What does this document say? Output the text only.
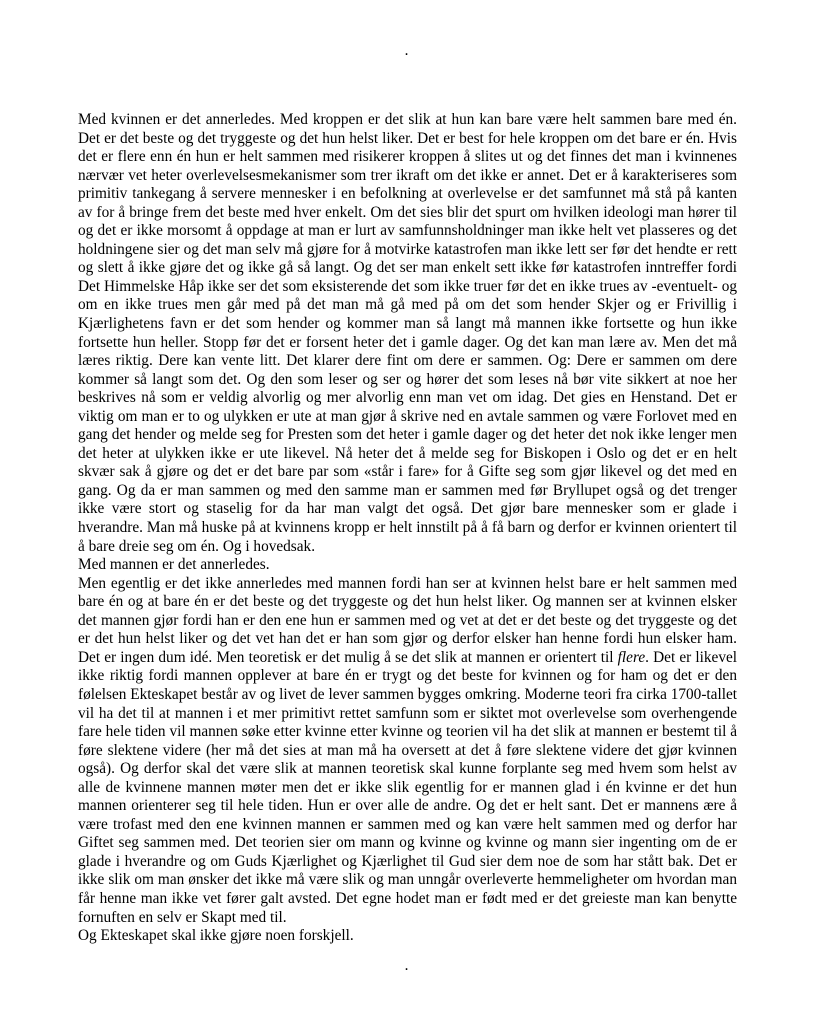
.

Med kvinnen er det annerledes. Med kroppen er det slik at hun kan bare være helt sammen bare med én. Det er det beste og det tryggeste og det hun helst liker. Det er best for hele kroppen om det bare er én. Hvis det er flere enn én hun er helt sammen med risikerer kroppen å slites ut og det finnes det man i kvinnenes nærvær vet heter overlevelsesmekanismer som trer ikraft om det ikke er annet. Det er å karakteriseres som primitiv tankegang å servere mennesker i en befolkning at overlevelse er det samfunnet må stå på kanten av for å bringe frem det beste med hver enkelt. Om det sies blir det spurt om hvilken ideologi man hører til og det er ikke morsomt å oppdage at man er lurt av samfunnsholdninger man ikke helt vet plasseres og det holdningene sier og det man selv må gjøre for å motvirke katastrofen man ikke lett ser før det hendte er rett og slett å ikke gjøre det og ikke gå så langt. Og det ser man enkelt sett ikke før katastrofen inntreffer fordi Det Himmelske Håp ikke ser det som eksisterende det som ikke truer før det en ikke trues av -eventuelt- og om en ikke trues men går med på det man må gå med på om det som hender Skjer og er Frivillig i Kjærlighetens favn er det som hender og kommer man så langt må mannen ikke fortsette og hun ikke fortsette hun heller. Stopp før det er forsent heter det i gamle dager. Og det kan man lære av. Men det må læres riktig. Dere kan vente litt. Det klarer dere fint om dere er sammen. Og: Dere er sammen om dere kommer så langt som det. Og den som leser og ser og hører det som leses nå bør vite sikkert at noe her beskrives nå som er veldig alvorlig og mer alvorlig enn man vet om idag. Det gies en Henstand. Det er viktig om man er to og ulykken er ute at man gjør å skrive ned en avtale sammen og være Forlovet med en gang det hender og melde seg for Presten som det heter i gamle dager og det heter det nok ikke lenger men det heter at ulykken ikke er ute likevel. Nå heter det å melde seg for Biskopen i Oslo og det er en helt skvær sak å gjøre og det er det bare par som «står i fare» for å Gifte seg som gjør likevel og det med en gang. Og da er man sammen og med den samme man er sammen med før Bryllupet også og det trenger ikke være stort og staselig for da har man valgt det også. Det gjør bare mennesker som er glade i hverandre. Man må huske på at kvinnens kropp er helt innstilt på å få barn og derfor er kvinnen orientert til å bare dreie seg om én. Og i hovedsak.

Med mannen er det annerledes.

Men egentlig er det ikke annerledes med mannen fordi han ser at kvinnen helst bare er helt sammen med bare én og at bare én er det beste og det tryggeste og det hun helst liker. Og mannen ser at kvinnen elsker det mannen gjør fordi han er den ene hun er sammen med og vet at det er det beste og det tryggeste og det er det hun helst liker og det vet han det er han som gjør og derfor elsker han henne fordi hun elsker ham. Det er ingen dum idé. Men teoretisk er det mulig å se det slik at mannen er orientert til flere. Det er likevel ikke riktig fordi mannen opplever at bare én er trygt og det beste for kvinnen og for ham og det er den følelsen Ekteskapet består av og livet de lever sammen bygges omkring. Moderne teori fra cirka 1700-tallet vil ha det til at mannen i et mer primitivt rettet samfunn som er siktet mot overlevelse som overhengende fare hele tiden vil mannen søke etter kvinne etter kvinne og teorien vil ha det slik at mannen er bestemt til å føre slektene videre (her må det sies at man må ha oversett at det å føre slektene videre det gjør kvinnen også). Og derfor skal det være slik at mannen teoretisk skal kunne forplante seg med hvem som helst av alle de kvinnene mannen møter men det er ikke slik egentlig for er mannen glad i én kvinne er det hun mannen orienterer seg til hele tiden. Hun er over alle de andre. Og det er helt sant. Det er mannens ære å være trofast med den ene kvinnen mannen er sammen med og kan være helt sammen med og derfor har Giftet seg sammen med. Det teorien sier om mann og kvinne og kvinne og mann sier ingenting om de er glade i hverandre og om Guds Kjærlighet og Kjærlighet til Gud sier dem noe de som har stått bak. Det er ikke slik om man ønsker det ikke må være slik og man unngår overleverte hemmeligheter om hvordan man får henne man ikke vet fører galt avsted. Det egne hodet man er født med er det greieste man kan benytte fornuften en selv er Skapt med til.

Og Ekteskapet skal ikke gjøre noen forskjell.

.
